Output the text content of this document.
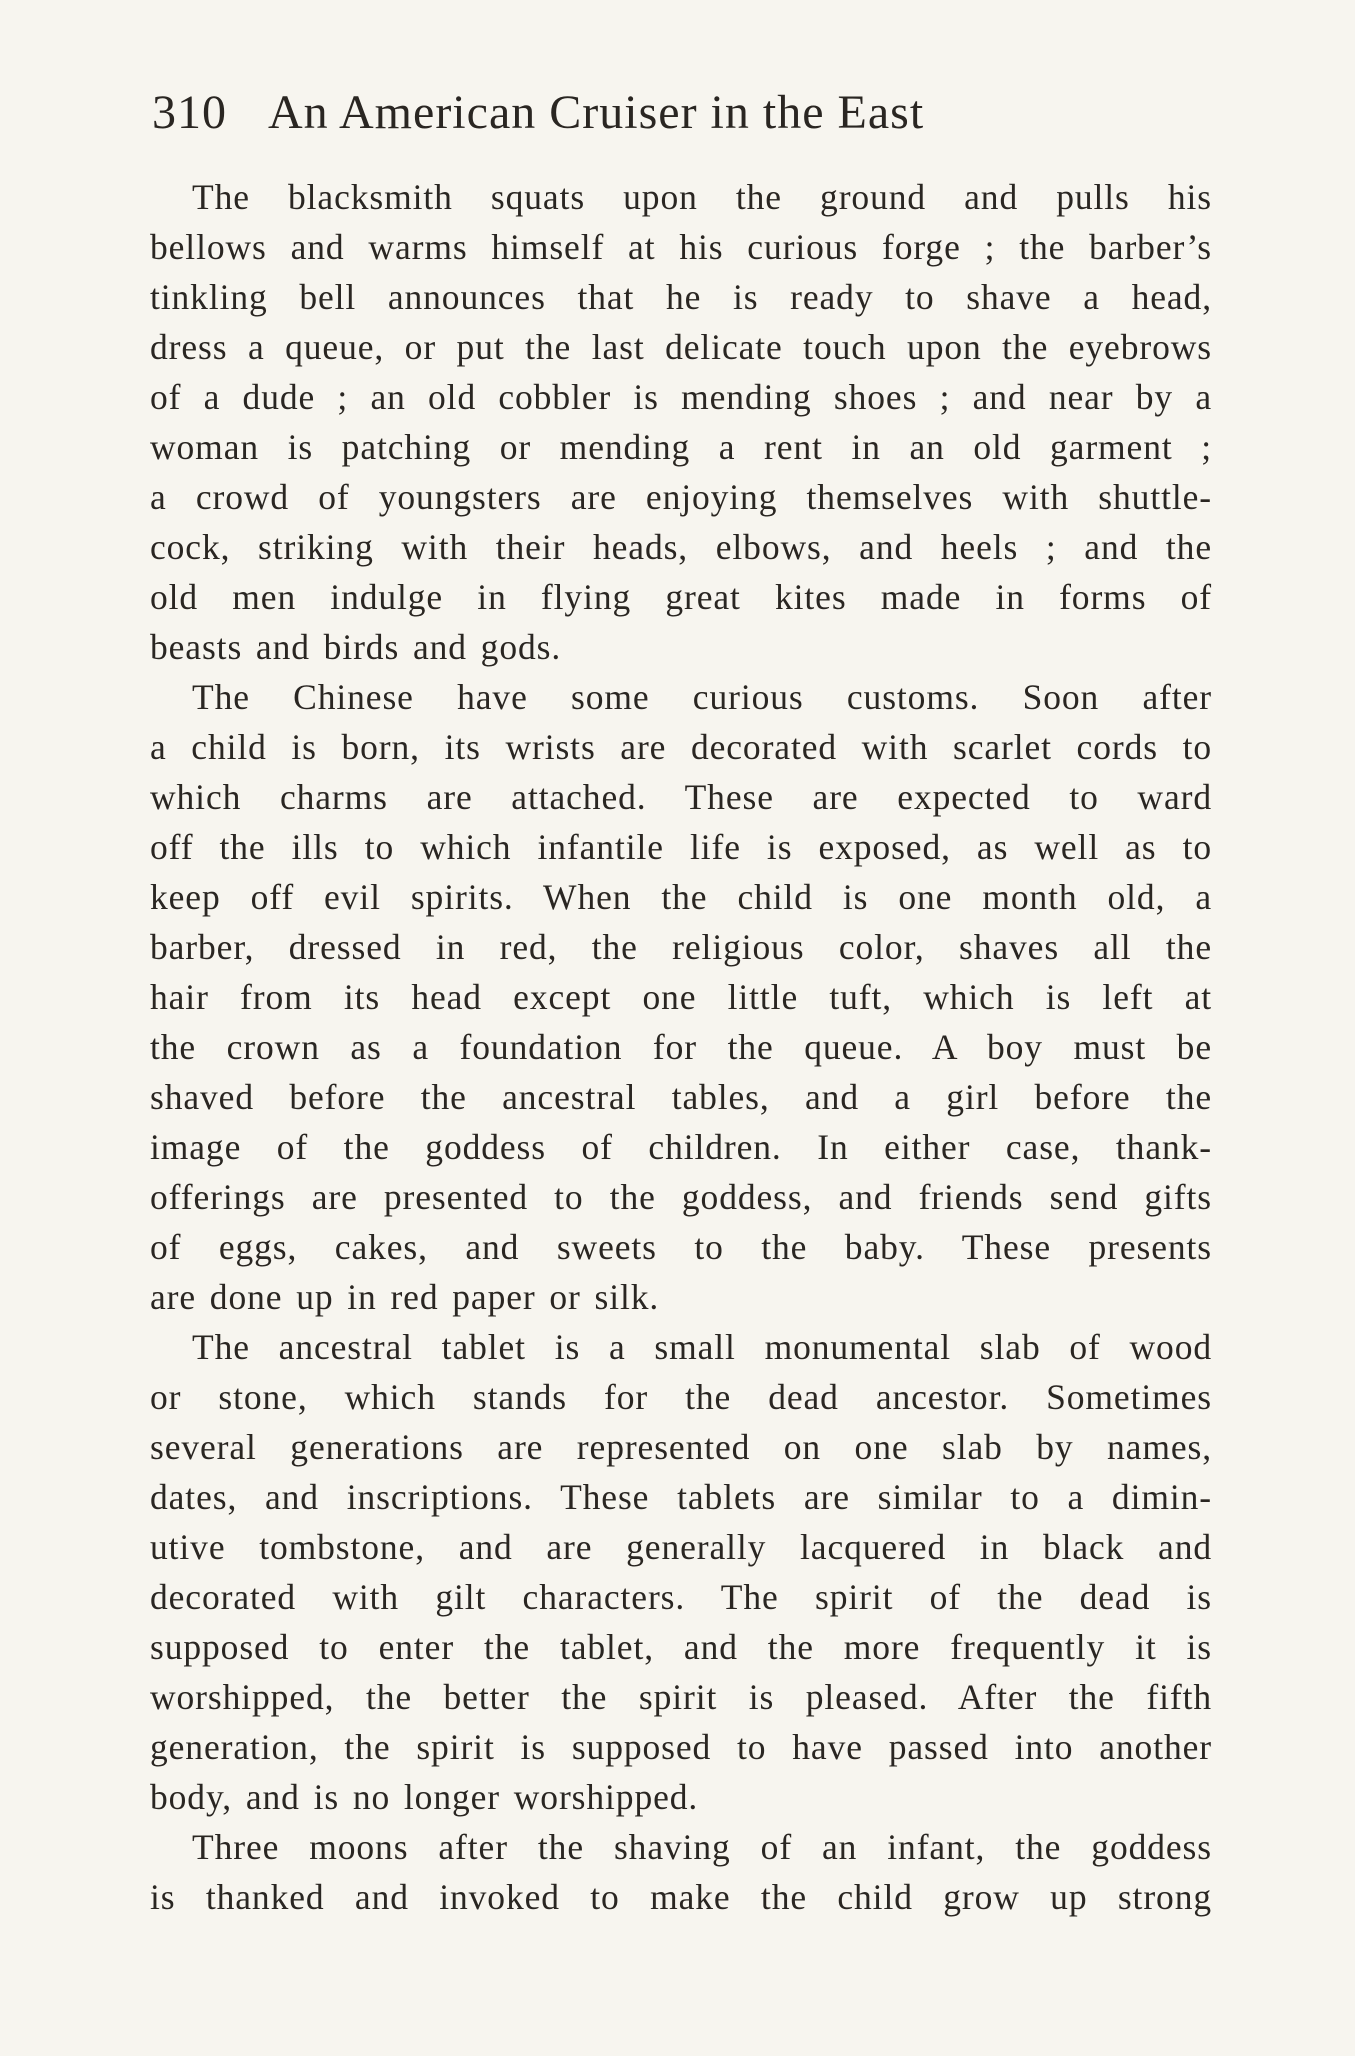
310 An American Cruiser in the East
The blacksmith squats upon the ground and pulls his
bellows and warms himself at his curious forge ; the barber’s
tinkling bell announces that he is ready to shave a head,
dress a queue, or put the last delicate touch upon the eyebrows
of a dude ; an old cobbler is mending shoes ; and near by a
woman is patching or mending a rent in an old garment ;
a crowd of youngsters are enjoying themselves with shuttle-
cock, striking with their heads, elbows, and heels ; and the
old men indulge in flying great kites made in forms of
beasts and birds and gods.
The Chinese have some curious customs. Soon after
a child is born, its wrists are decorated with scarlet cords to
which charms are attached. These are expected to ward
off the ills to which infantile life is exposed, as well as to
keep off evil spirits. When the child is one month old, a
barber, dressed in red, the religious color, shaves all the
hair from its head except one little tuft, which is left at
the crown as a foundation for the queue. A boy must be
shaved before the ancestral tables, and a girl before the
image of the goddess of children. In either case, thank-
offerings are presented to the goddess, and friends send gifts
of eggs, cakes, and sweets to the baby. These presents
are done up in red paper or silk.
The ancestral tablet is a small monumental slab of wood
or stone, which stands for the dead ancestor. Sometimes
several generations are represented on one slab by names,
dates, and inscriptions. These tablets are similar to a dimin-
utive tombstone, and are generally lacquered in black and
decorated with gilt characters. The spirit of the dead is
supposed to enter the tablet, and the more frequently it is
worshipped, the better the spirit is pleased. After the fifth
generation, the spirit is supposed to have passed into another
body, and is no longer worshipped.
Three moons after the shaving of an infant, the goddess
is thanked and invoked to make the child grow up strong
